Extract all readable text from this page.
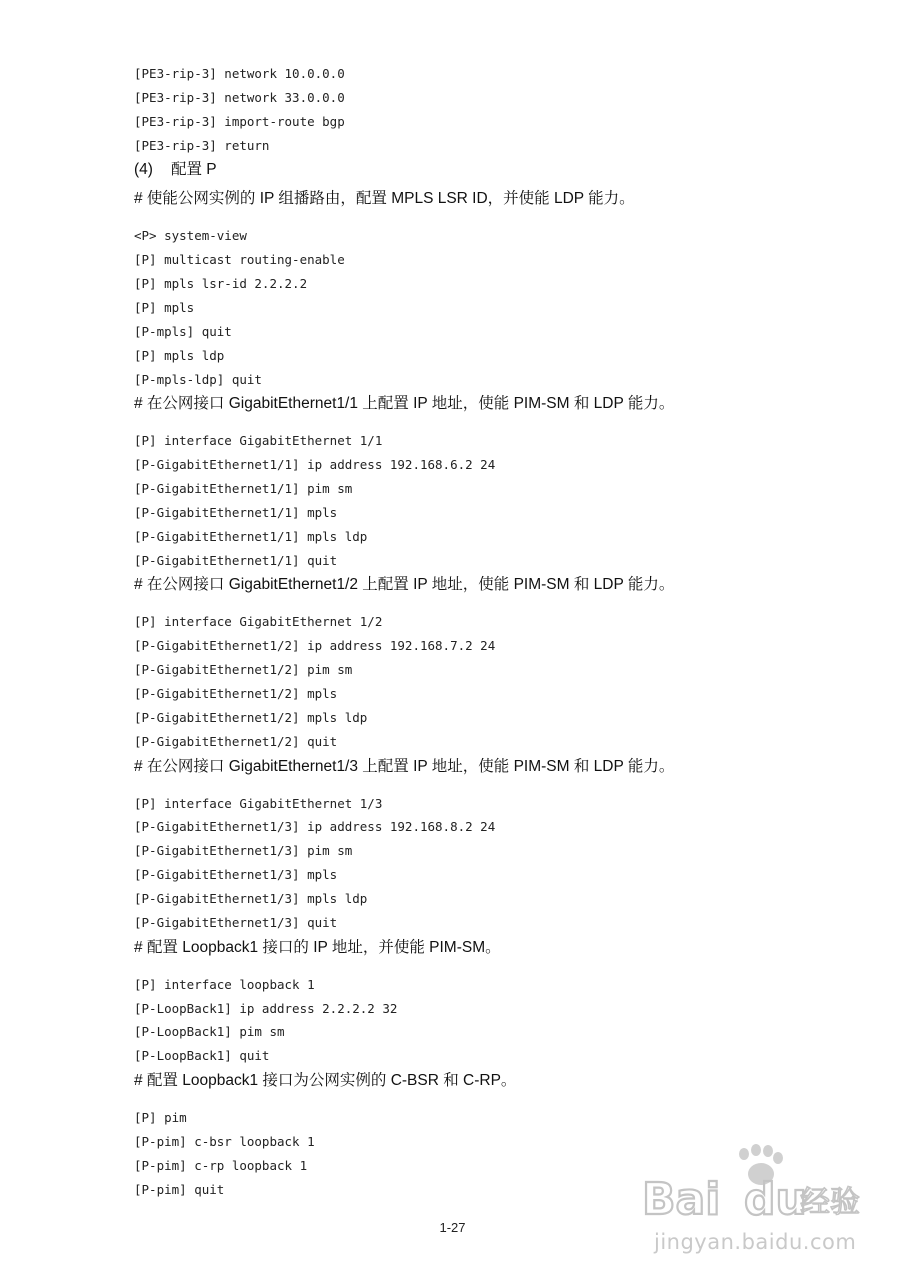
[PE3-rip-3] network 10.0.0.0
[PE3-rip-3] network 33.0.0.0
[PE3-rip-3] import-route bgp
[PE3-rip-3] return
(4) 配置 P
# 使能公网实例的 IP 组播路由，配置 MPLS LSR ID，并使能 LDP 能力。
<P> system-view
[P] multicast routing-enable
[P] mpls lsr-id 2.2.2.2
[P] mpls
[P-mpls] quit
[P] mpls ldp
[P-mpls-ldp] quit
# 在公网接口 GigabitEthernet1/1 上配置 IP 地址，使能 PIM-SM 和 LDP 能力。
[P] interface GigabitEthernet 1/1
[P-GigabitEthernet1/1] ip address 192.168.6.2 24
[P-GigabitEthernet1/1] pim sm
[P-GigabitEthernet1/1] mpls
[P-GigabitEthernet1/1] mpls ldp
[P-GigabitEthernet1/1] quit
# 在公网接口 GigabitEthernet1/2 上配置 IP 地址，使能 PIM-SM 和 LDP 能力。
[P] interface GigabitEthernet 1/2
[P-GigabitEthernet1/2] ip address 192.168.7.2 24
[P-GigabitEthernet1/2] pim sm
[P-GigabitEthernet1/2] mpls
[P-GigabitEthernet1/2] mpls ldp
[P-GigabitEthernet1/2] quit
# 在公网接口 GigabitEthernet1/3 上配置 IP 地址，使能 PIM-SM 和 LDP 能力。
[P] interface GigabitEthernet 1/3
[P-GigabitEthernet1/3] ip address 192.168.8.2 24
[P-GigabitEthernet1/3] pim sm
[P-GigabitEthernet1/3] mpls
[P-GigabitEthernet1/3] mpls ldp
[P-GigabitEthernet1/3] quit
# 配置 Loopback1 接口的 IP 地址，并使能 PIM-SM。
[P] interface loopback 1
[P-LoopBack1] ip address 2.2.2.2 32
[P-LoopBack1] pim sm
[P-LoopBack1] quit
# 配置 Loopback1 接口为公网实例的 C-BSR 和 C-RP。
[P] pim
[P-pim] c-bsr loopback 1
[P-pim] c-rp loopback 1
[P-pim] quit
1-27
Bai du
经验
jingyan.baidu.com
